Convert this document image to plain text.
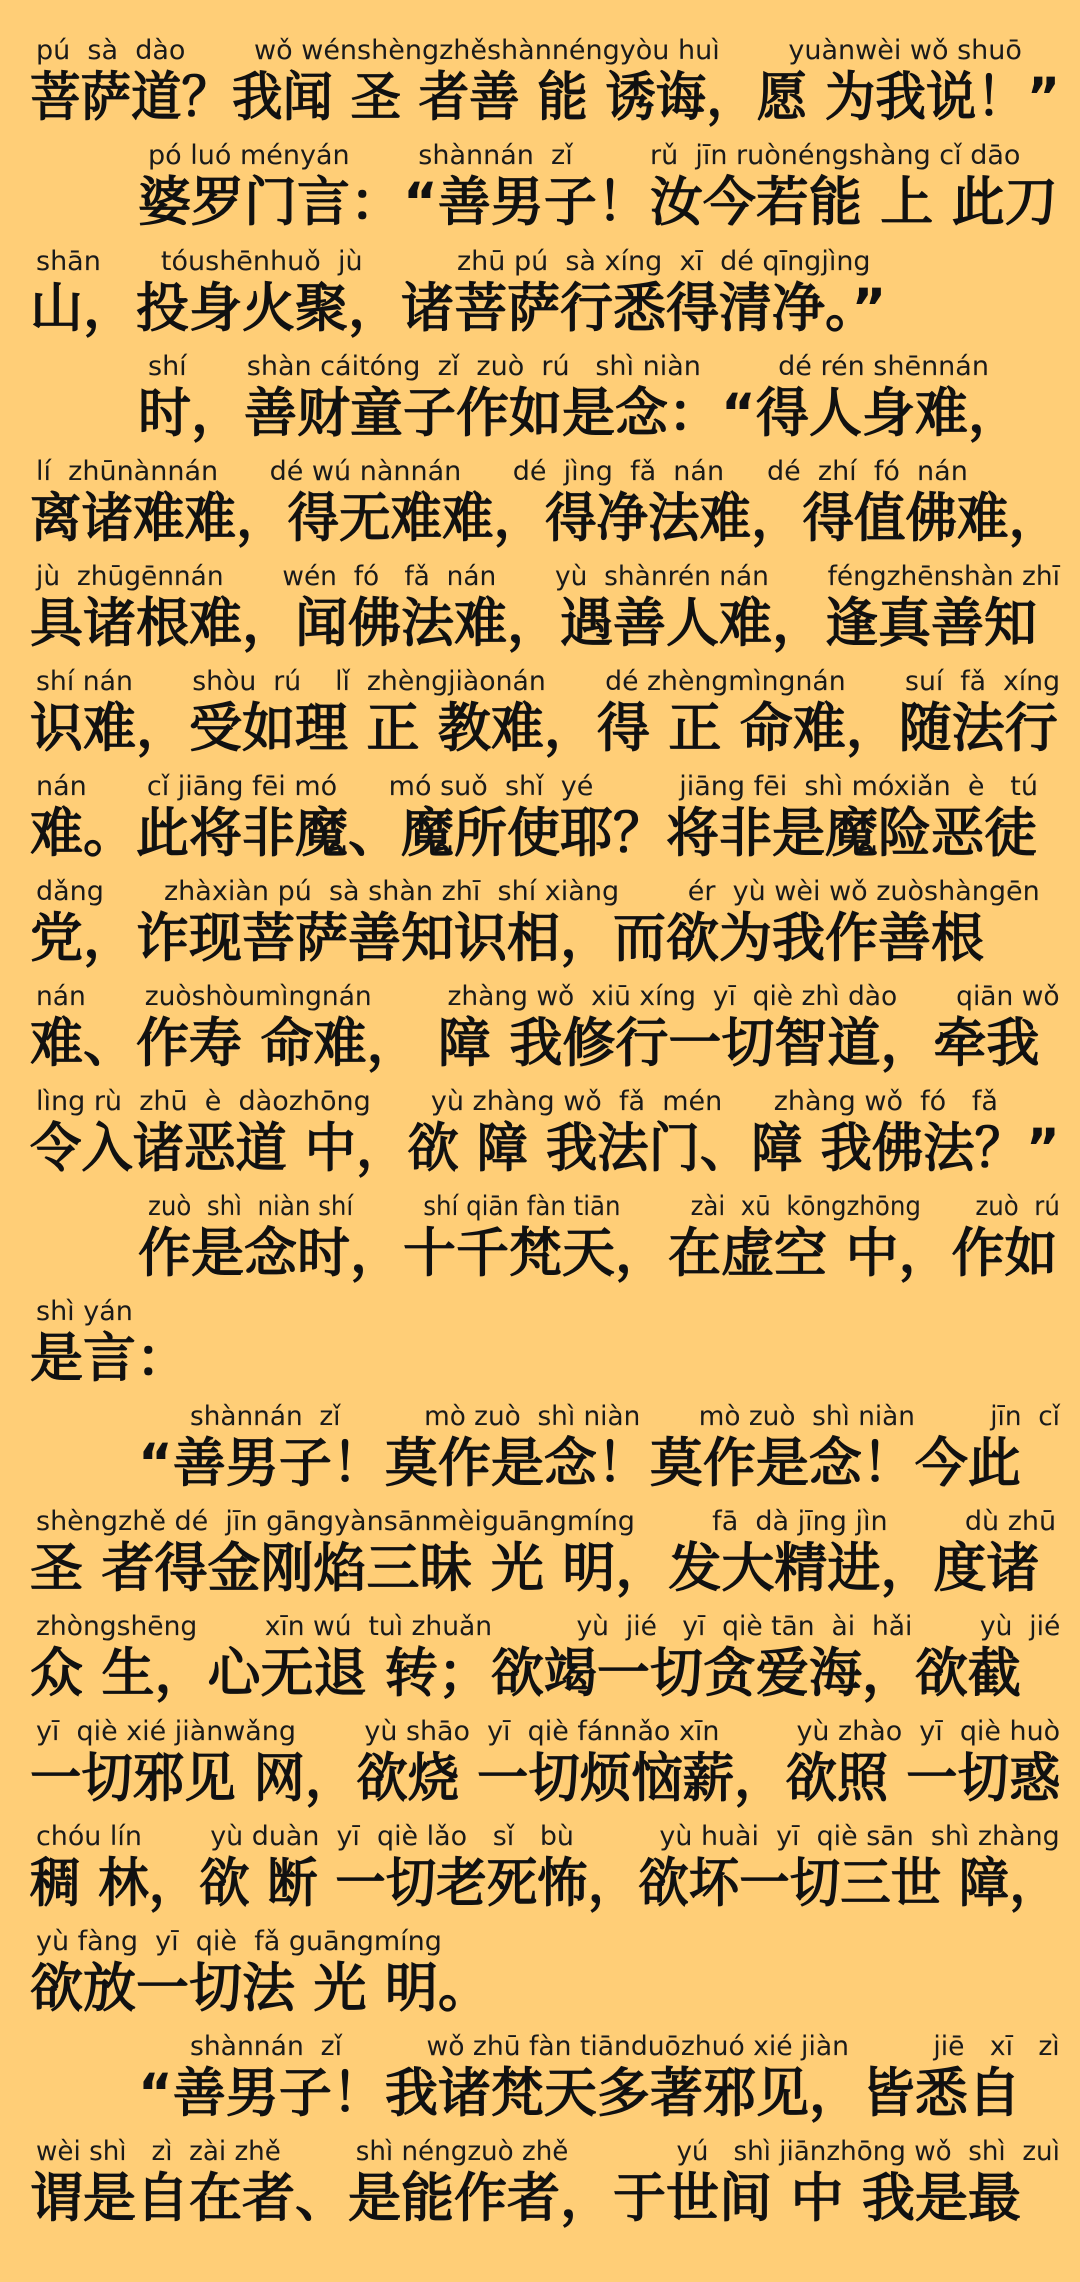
pú  sà  dào        wǒ wénshèngzhěshànnéngyòu huì        yuànwèi wǒ shuō
菩萨道？我闻 圣 者善 能 诱诲，愿 为我说！”
pó luó ményán        shànnán  zǐ         rǔ  jīn ruònéngshàng cǐ dāo
婆罗门言：“善男子！汝今若能 上 此刀
shān       tóushēnhuǒ  jù           zhū pú  sà xíng  xī  dé qīngjìng
山，投身火聚，诸菩萨行悉得清净。”
shí       shàn cáitóng  zǐ  zuò  rú   shì niàn         dé rén shēnnán
时，善财童子作如是念：“得人身难，
lí  zhūnànnán      dé wú nànnán      dé  jìng  fǎ  nán     dé  zhí  fó  nán
离诸难难，得无难难，得净法难，得值佛难，
jù  zhūgēnnán       wén  fó   fǎ  nán       yù  shànrén nán       féngzhēnshàn zhī
具诸根难，闻佛法难，遇善人难，逢真善知
shí nán       shòu  rú    lǐ  zhèngjiàonán       dé zhèngmìngnán       suí  fǎ  xíng
识难，受如理 正 教难，得 正 命难，随法行
nán       cǐ jiāng fēi mó      mó suǒ  shǐ  yé          jiāng fēi  shì móxiǎn  è   tú
难。此将非魔、魔所使耶？将非是魔险恶徒
dǎng       zhàxiàn pú  sà shàn zhī  shí xiàng        ér  yù wèi wǒ zuòshàngēn
党，诈现菩萨善知识相，而欲为我作善根
nán       zuòshòumìngnán         zhàng wǒ  xiū xíng  yī  qiè zhì dào       qiān wǒ
难、作寿 命难， 障 我修行一切智道，牵我
lìng rù  zhū  è  dàozhōng       yù zhàng wǒ  fǎ  mén      zhàng wǒ  fó   fǎ
令入诸恶道 中，欲 障 我法门、障 我佛法？”
zuò  shì  niàn shí         shí qiān fàn tiān         zài  xū  kōngzhōng       zuò  rú
作是念时，十千梵天，在虚空 中，作如
shì yán
是言：
shànnán  zǐ          mò zuò  shì niàn       mò zuò  shì niàn         jīn  cǐ
“善男子！莫作是念！莫作是念！今此
shèngzhě dé  jīn gāngyànsānmèiguāngmíng         fā  dà jīng jìn         dù zhū
圣 者得金刚焰三昧 光 明，发大精进，度诸
zhòngshēng        xīn wú  tuì zhuǎn          yù  jié   yī  qiè tān  ài  hǎi        yù  jié
众 生，心无退 转；欲竭一切贪爱海，欲截
yī  qiè xié jiànwǎng        yù shāo  yī  qiè fánnǎo xīn         yù zhào  yī  qiè huò
一切邪见 网，欲烧 一切烦恼薪，欲照 一切惑
chóu lín        yù duàn  yī  qiè lǎo   sǐ   bù          yù huài  yī  qiè sān  shì zhàng
稠 林，欲 断 一切老死怖，欲坏一切三世 障，
yù fàng  yī  qiè  fǎ guāngmíng
欲放一切法 光 明。
shànnán  zǐ          wǒ zhū fàn tiānduōzhuó xié jiàn          jiē   xī   zì
“善男子！我诸梵天多著邪见，皆悉自
wèi shì   zì  zài zhě         shì néngzuò zhě             yú   shì jiānzhōng wǒ  shì  zuì
谓是自在者、是能作者，于世间 中 我是最
